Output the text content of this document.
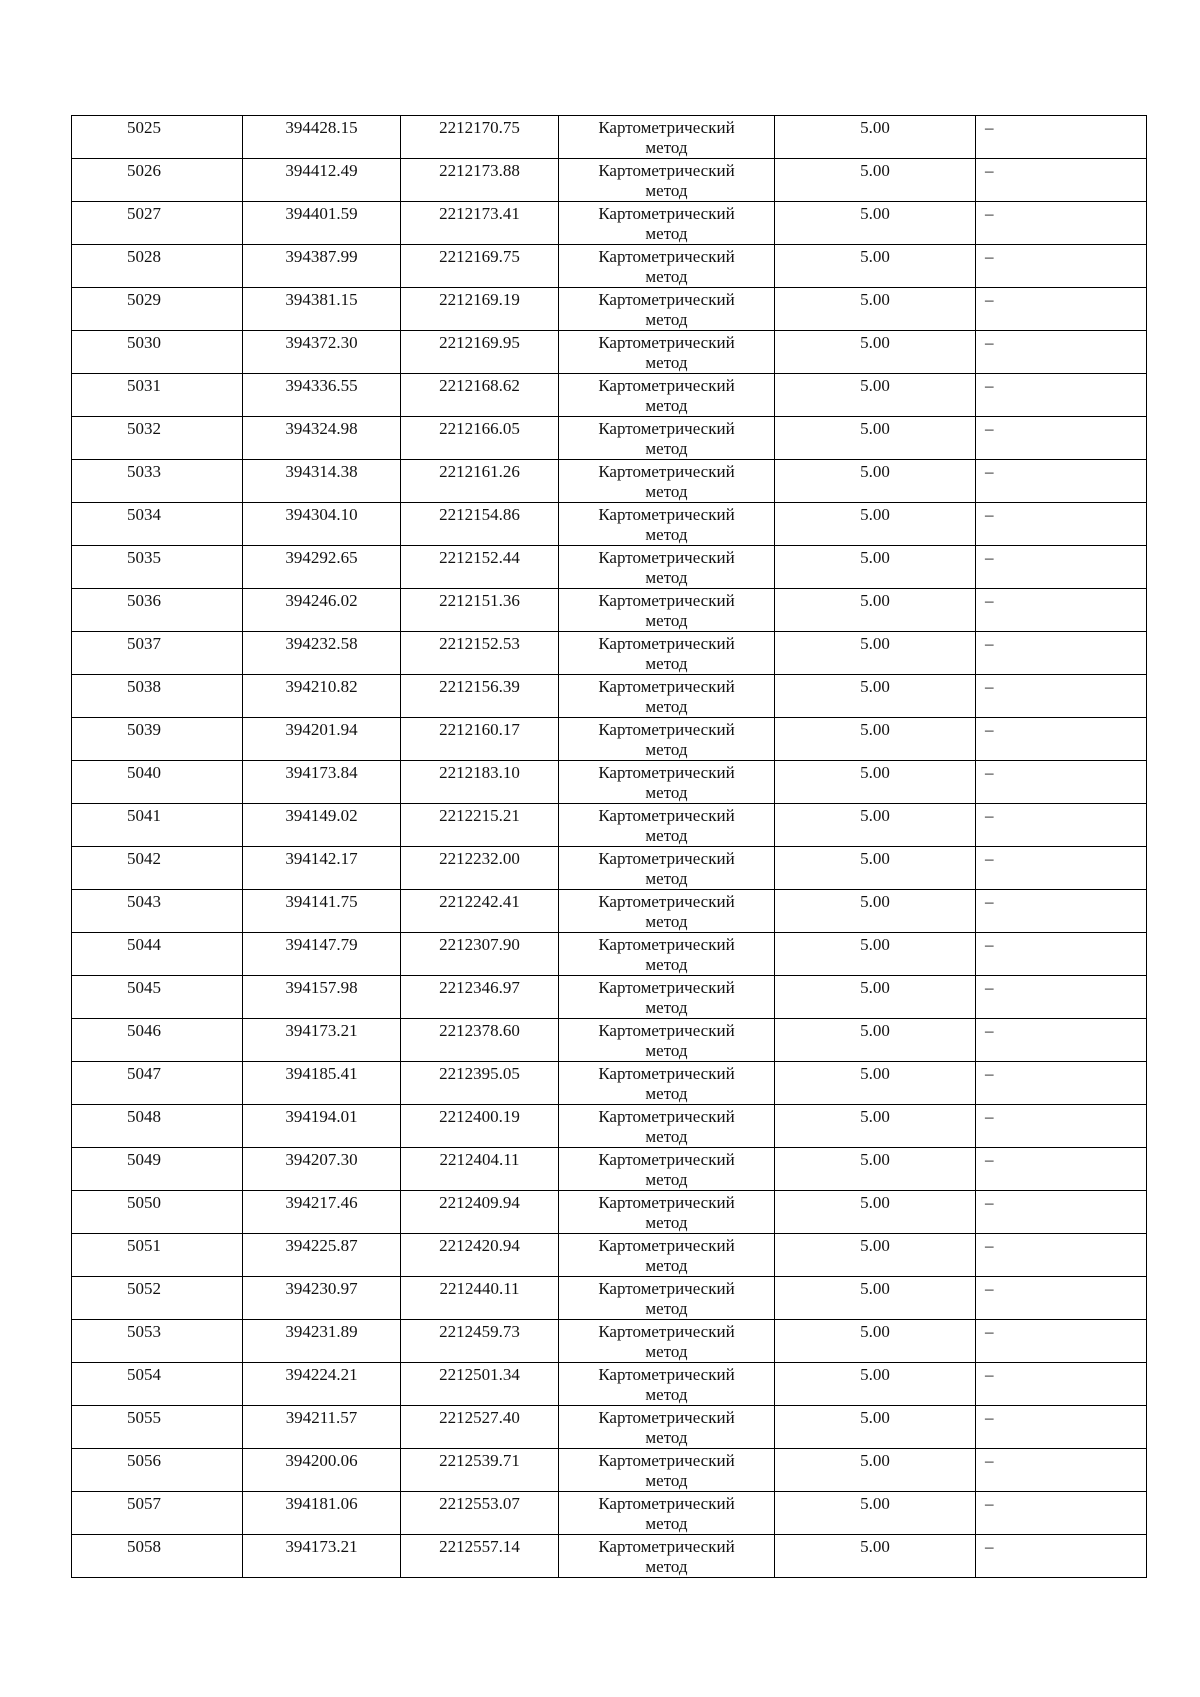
5025	394428.15	2212170.75	Картометрический
метод	5.00	–
5026	394412.49	2212173.88	Картометрический
метод	5.00	–
5027	394401.59	2212173.41	Картометрический
метод	5.00	–
5028	394387.99	2212169.75	Картометрический
метод	5.00	–
5029	394381.15	2212169.19	Картометрический
метод	5.00	–
5030	394372.30	2212169.95	Картометрический
метод	5.00	–
5031	394336.55	2212168.62	Картометрический
метод	5.00	–
5032	394324.98	2212166.05	Картометрический
метод	5.00	–
5033	394314.38	2212161.26	Картометрический
метод	5.00	–
5034	394304.10	2212154.86	Картометрический
метод	5.00	–
5035	394292.65	2212152.44	Картометрический
метод	5.00	–
5036	394246.02	2212151.36	Картометрический
метод	5.00	–
5037	394232.58	2212152.53	Картометрический
метод	5.00	–
5038	394210.82	2212156.39	Картометрический
метод	5.00	–
5039	394201.94	2212160.17	Картометрический
метод	5.00	–
5040	394173.84	2212183.10	Картометрический
метод	5.00	–
5041	394149.02	2212215.21	Картометрический
метод	5.00	–
5042	394142.17	2212232.00	Картометрический
метод	5.00	–
5043	394141.75	2212242.41	Картометрический
метод	5.00	–
5044	394147.79	2212307.90	Картометрический
метод	5.00	–
5045	394157.98	2212346.97	Картометрический
метод	5.00	–
5046	394173.21	2212378.60	Картометрический
метод	5.00	–
5047	394185.41	2212395.05	Картометрический
метод	5.00	–
5048	394194.01	2212400.19	Картометрический
метод	5.00	–
5049	394207.30	2212404.11	Картометрический
метод	5.00	–
5050	394217.46	2212409.94	Картометрический
метод	5.00	–
5051	394225.87	2212420.94	Картометрический
метод	5.00	–
5052	394230.97	2212440.11	Картометрический
метод	5.00	–
5053	394231.89	2212459.73	Картометрический
метод	5.00	–
5054	394224.21	2212501.34	Картометрический
метод	5.00	–
5055	394211.57	2212527.40	Картометрический
метод	5.00	–
5056	394200.06	2212539.71	Картометрический
метод	5.00	–
5057	394181.06	2212553.07	Картометрический
метод	5.00	–
5058	394173.21	2212557.14	Картометрический
метод	5.00	–
